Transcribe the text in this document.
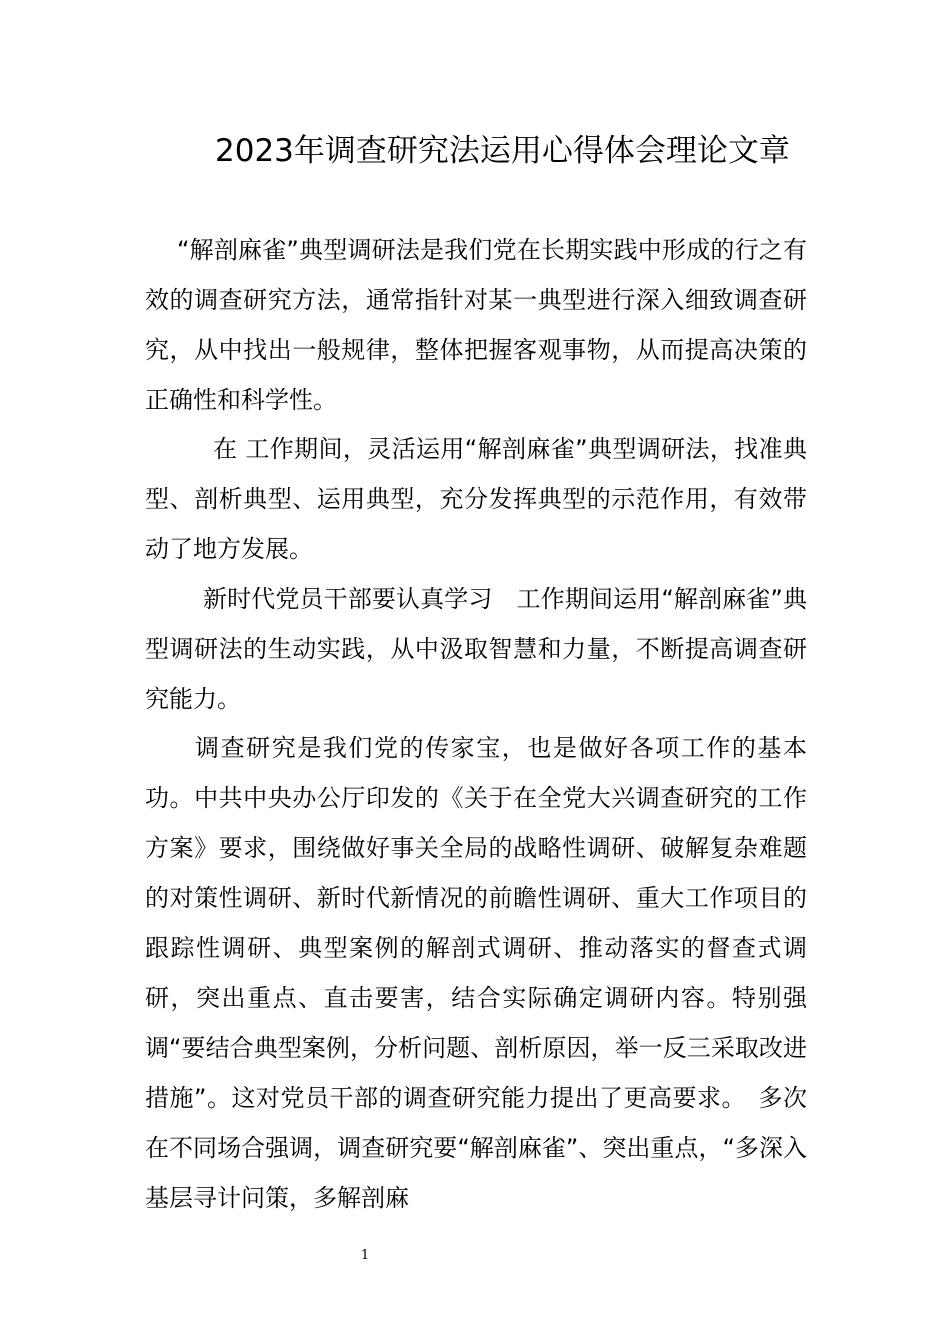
2023年调查研究法运用心得体会理论文章

“解剖麻雀”典型调研法是我们党在长期实践中形成的行之有效的调查研究方法，通常指针对某一典型进行深入细致调查研究，从中找出一般规律，整体把握客观事物，从而提高决策的正确性和科学性。

在 工作期间，灵活运用“解剖麻雀”典型调研法，找准典型、剖析典型、运用典型，充分发挥典型的示范作用，有效带动了地方发展。

新时代党员干部要认真学习　工作期间运用“解剖麻雀”典型调研法的生动实践，从中汲取智慧和力量，不断提高调查研究能力。

调查研究是我们党的传家宝，也是做好各项工作的基本功。中共中央办公厅印发的《关于在全党大兴调查研究的工作方案》要求，围绕做好事关全局的战略性调研、破解复杂难题的对策性调研、新时代新情况的前瞻性调研、重大工作项目的跟踪性调研、典型案例的解剖式调研、推动落实的督查式调研，突出重点、直击要害，结合实际确定调研内容。特别强调“要结合典型案例，分析问题、剖析原因，举一反三采取改进措施”。这对党员干部的调查研究能力提出了更高要求。　多次在不同场合强调，调查研究要“解剖麻雀”、突出重点，“多深入基层寻计问策，多解剖麻

1
